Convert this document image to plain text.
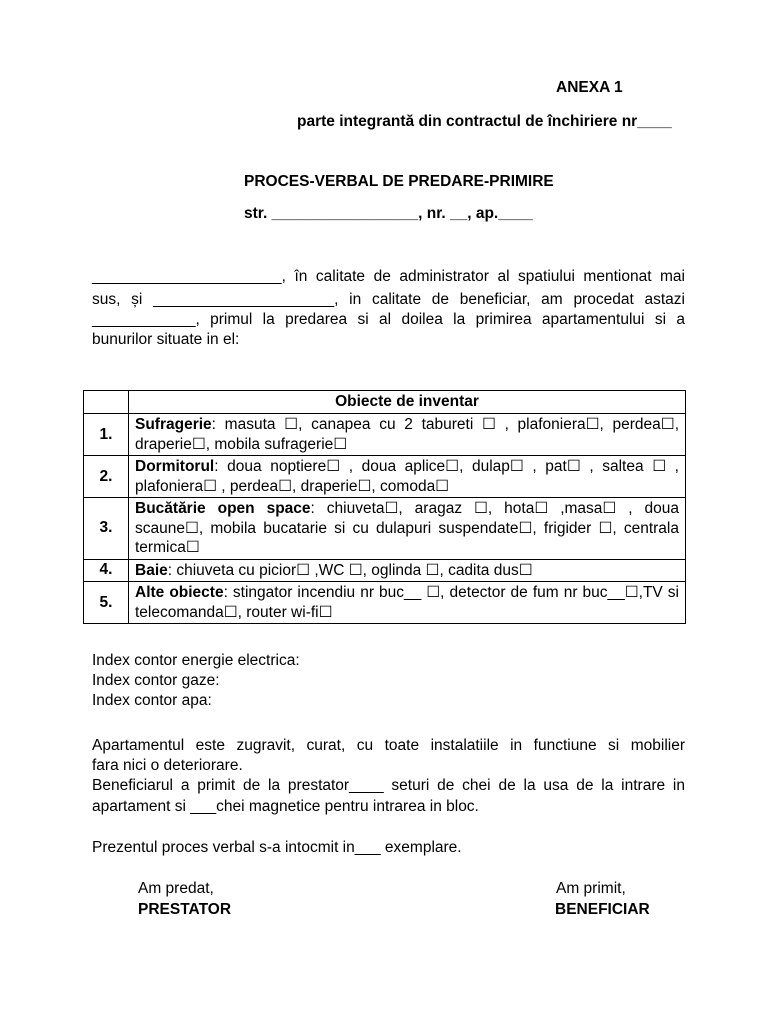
ANEXA 1
parte integrantă din contractul de închiriere nr____
PROCES-VERBAL DE PREDARE-PRIMIRE
str. _________________, nr. __, ap.____
______________________, în calitate de administrator al spatiului mentionat mai
sus, și _____________________, in calitate de beneficiar, am procedat astazi
____________, primul la predarea si al doilea la primirea apartamentului si a
bunurilor situate in el:
	Obiecte de inventar
1.	Sufragerie: masuta ☐, canapea cu 2 tabureti ☐ , plafoniera☐, perdea☐, draperie☐, mobila sufragerie☐
2.	Dormitorul: doua noptiere☐ , doua aplice☐, dulap☐ , pat☐ , saltea ☐ , plafoniera☐ , perdea☐, draperie☐, comoda☐
3.	Bucătărie open space: chiuveta☐, aragaz ☐, hota☐ ,masa☐ , doua scaune☐, mobila bucatarie si cu dulapuri suspendate☐, frigider ☐, centrala termica☐
4.	Baie: chiuveta cu picior☐ ,WC ☐, oglinda ☐, cadita dus☐
5.	Alte obiecte: stingator incendiu nr buc__ ☐, detector de fum nr buc__☐,TV si telecomanda☐, router wi-fi☐
Index contor energie electrica:
Index contor gaze:
Index contor apa:
Apartamentul este zugravit, curat, cu toate instalatiile in functiune si mobilier
fara nici o deteriorare.
Beneficiarul a primit de la prestator____ seturi de chei de la usa de la intrare in
apartament si ___chei magnetice pentru intrarea in bloc.
Prezentul proces verbal s-a intocmit in___ exemplare.
Am predat,
PRESTATOR
Am primit,
BENEFICIAR
